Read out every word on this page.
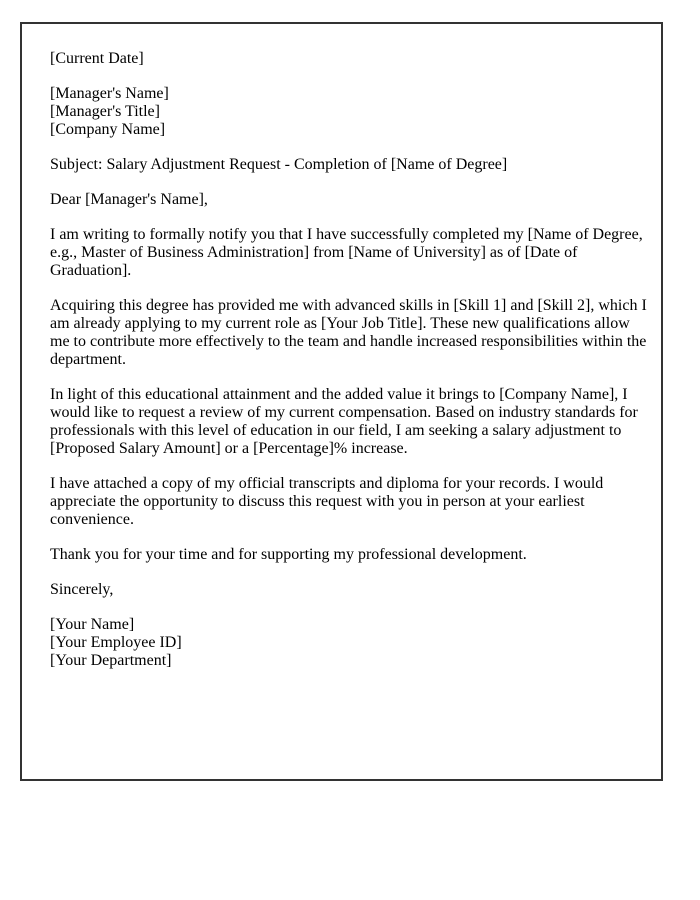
[Current Date]

[Manager's Name]
[Manager's Title]
[Company Name]

Subject: Salary Adjustment Request - Completion of [Name of Degree]

Dear [Manager's Name],

I am writing to formally notify you that I have successfully completed my [Name of Degree, e.g., Master of Business Administration] from [Name of University] as of [Date of Graduation].

Acquiring this degree has provided me with advanced skills in [Skill 1] and [Skill 2], which I am already applying to my current role as [Your Job Title]. These new qualifications allow me to contribute more effectively to the team and handle increased responsibilities within the department.

In light of this educational attainment and the added value it brings to [Company Name], I would like to request a review of my current compensation. Based on industry standards for professionals with this level of education in our field, I am seeking a salary adjustment to [Proposed Salary Amount] or a [Percentage]% increase.

I have attached a copy of my official transcripts and diploma for your records. I would appreciate the opportunity to discuss this request with you in person at your earliest convenience.

Thank you for your time and for supporting my professional development.

Sincerely,

[Your Name]
[Your Employee ID]
[Your Department]
